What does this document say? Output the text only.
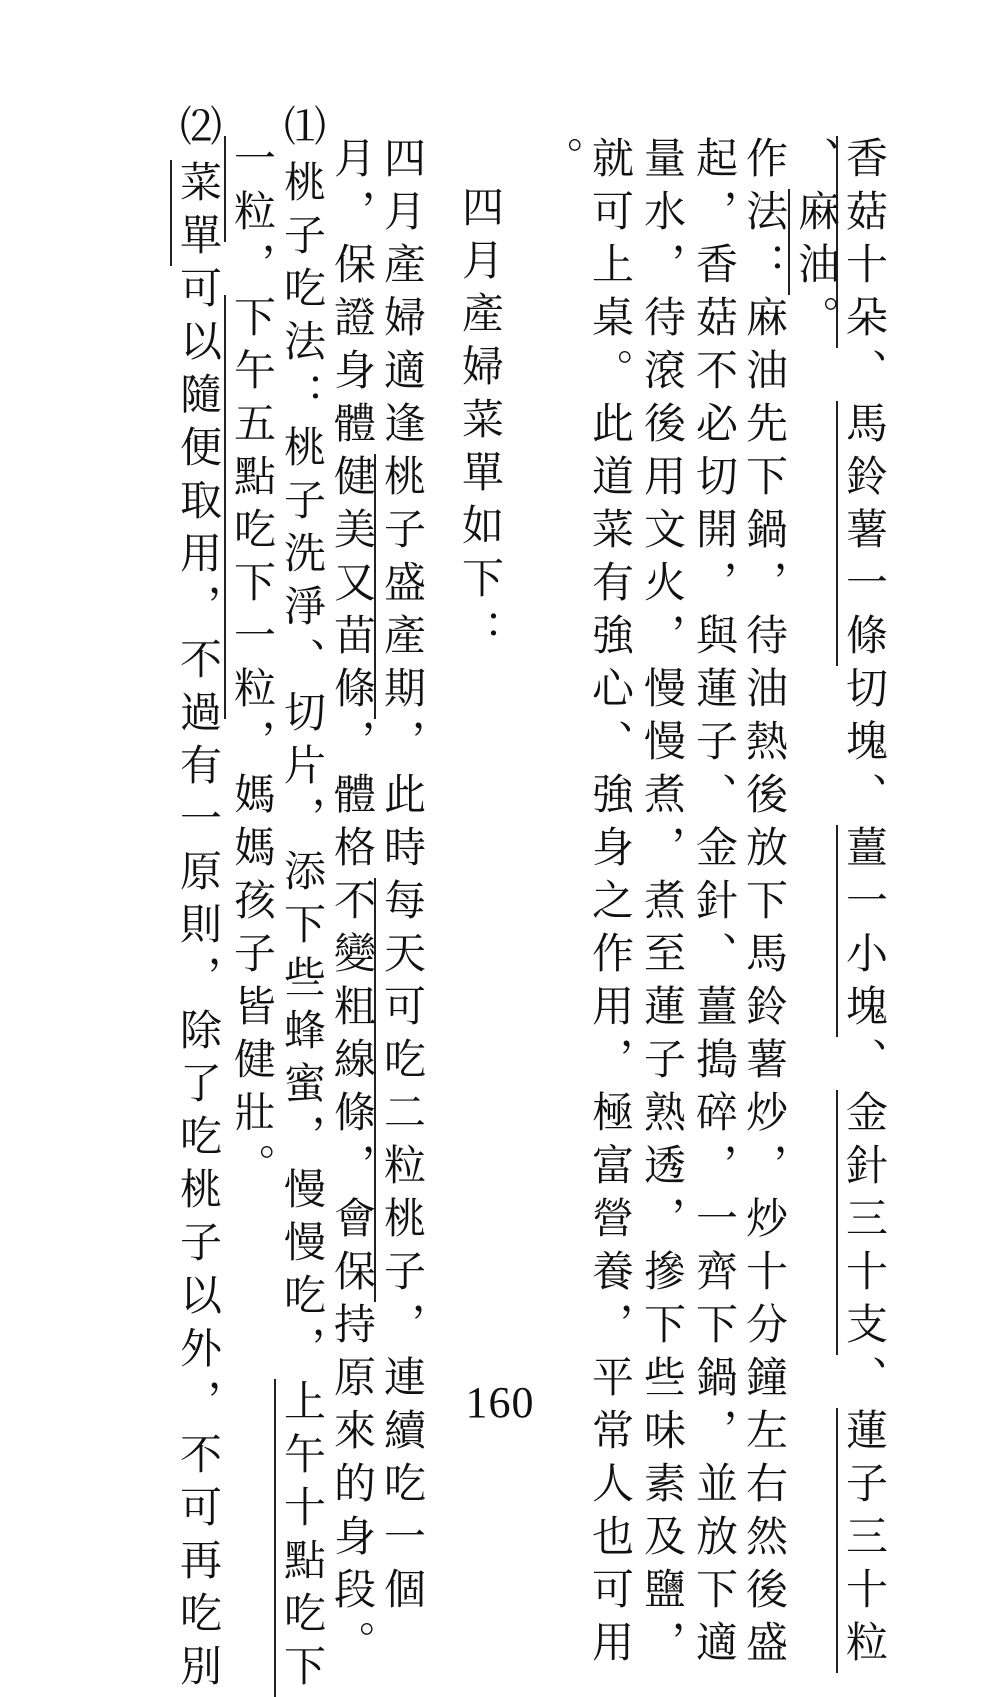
香菇十朵、馬鈴薯一條切塊、薑一小塊、金針三十支、蓮子三十粒

、麻油。

作法：麻油先下鍋，待油熱後放下馬鈴薯炒，炒十分鐘左右然後盛

起，香菇不必切開，與蓮子、金針、薑搗碎，一齊下鍋，並放下適

量水，待滾後用文火，慢慢煮，煮至蓮子熟透，摻下些味素及鹽，

就可上桌。此道菜有強心、強身之作用，極富營養，平常人也可用

。

四月產婦菜單如下：

四月產婦適逢桃子盛產期，此時每天可吃二粒桃子，連續吃一個

月，保證身體健美又苗條，體格不變粗線條，會保持原來的身段。

⑴

桃子吃法：桃子洗淨、切片，添下些蜂蜜，慢慢吃，上午十點吃下

一粒，下午五點吃下一粒，媽媽孩子皆健壯。

⑵

菜單可以隨便取用，不過有一原則，除了吃桃子以外，不可再吃別	160
